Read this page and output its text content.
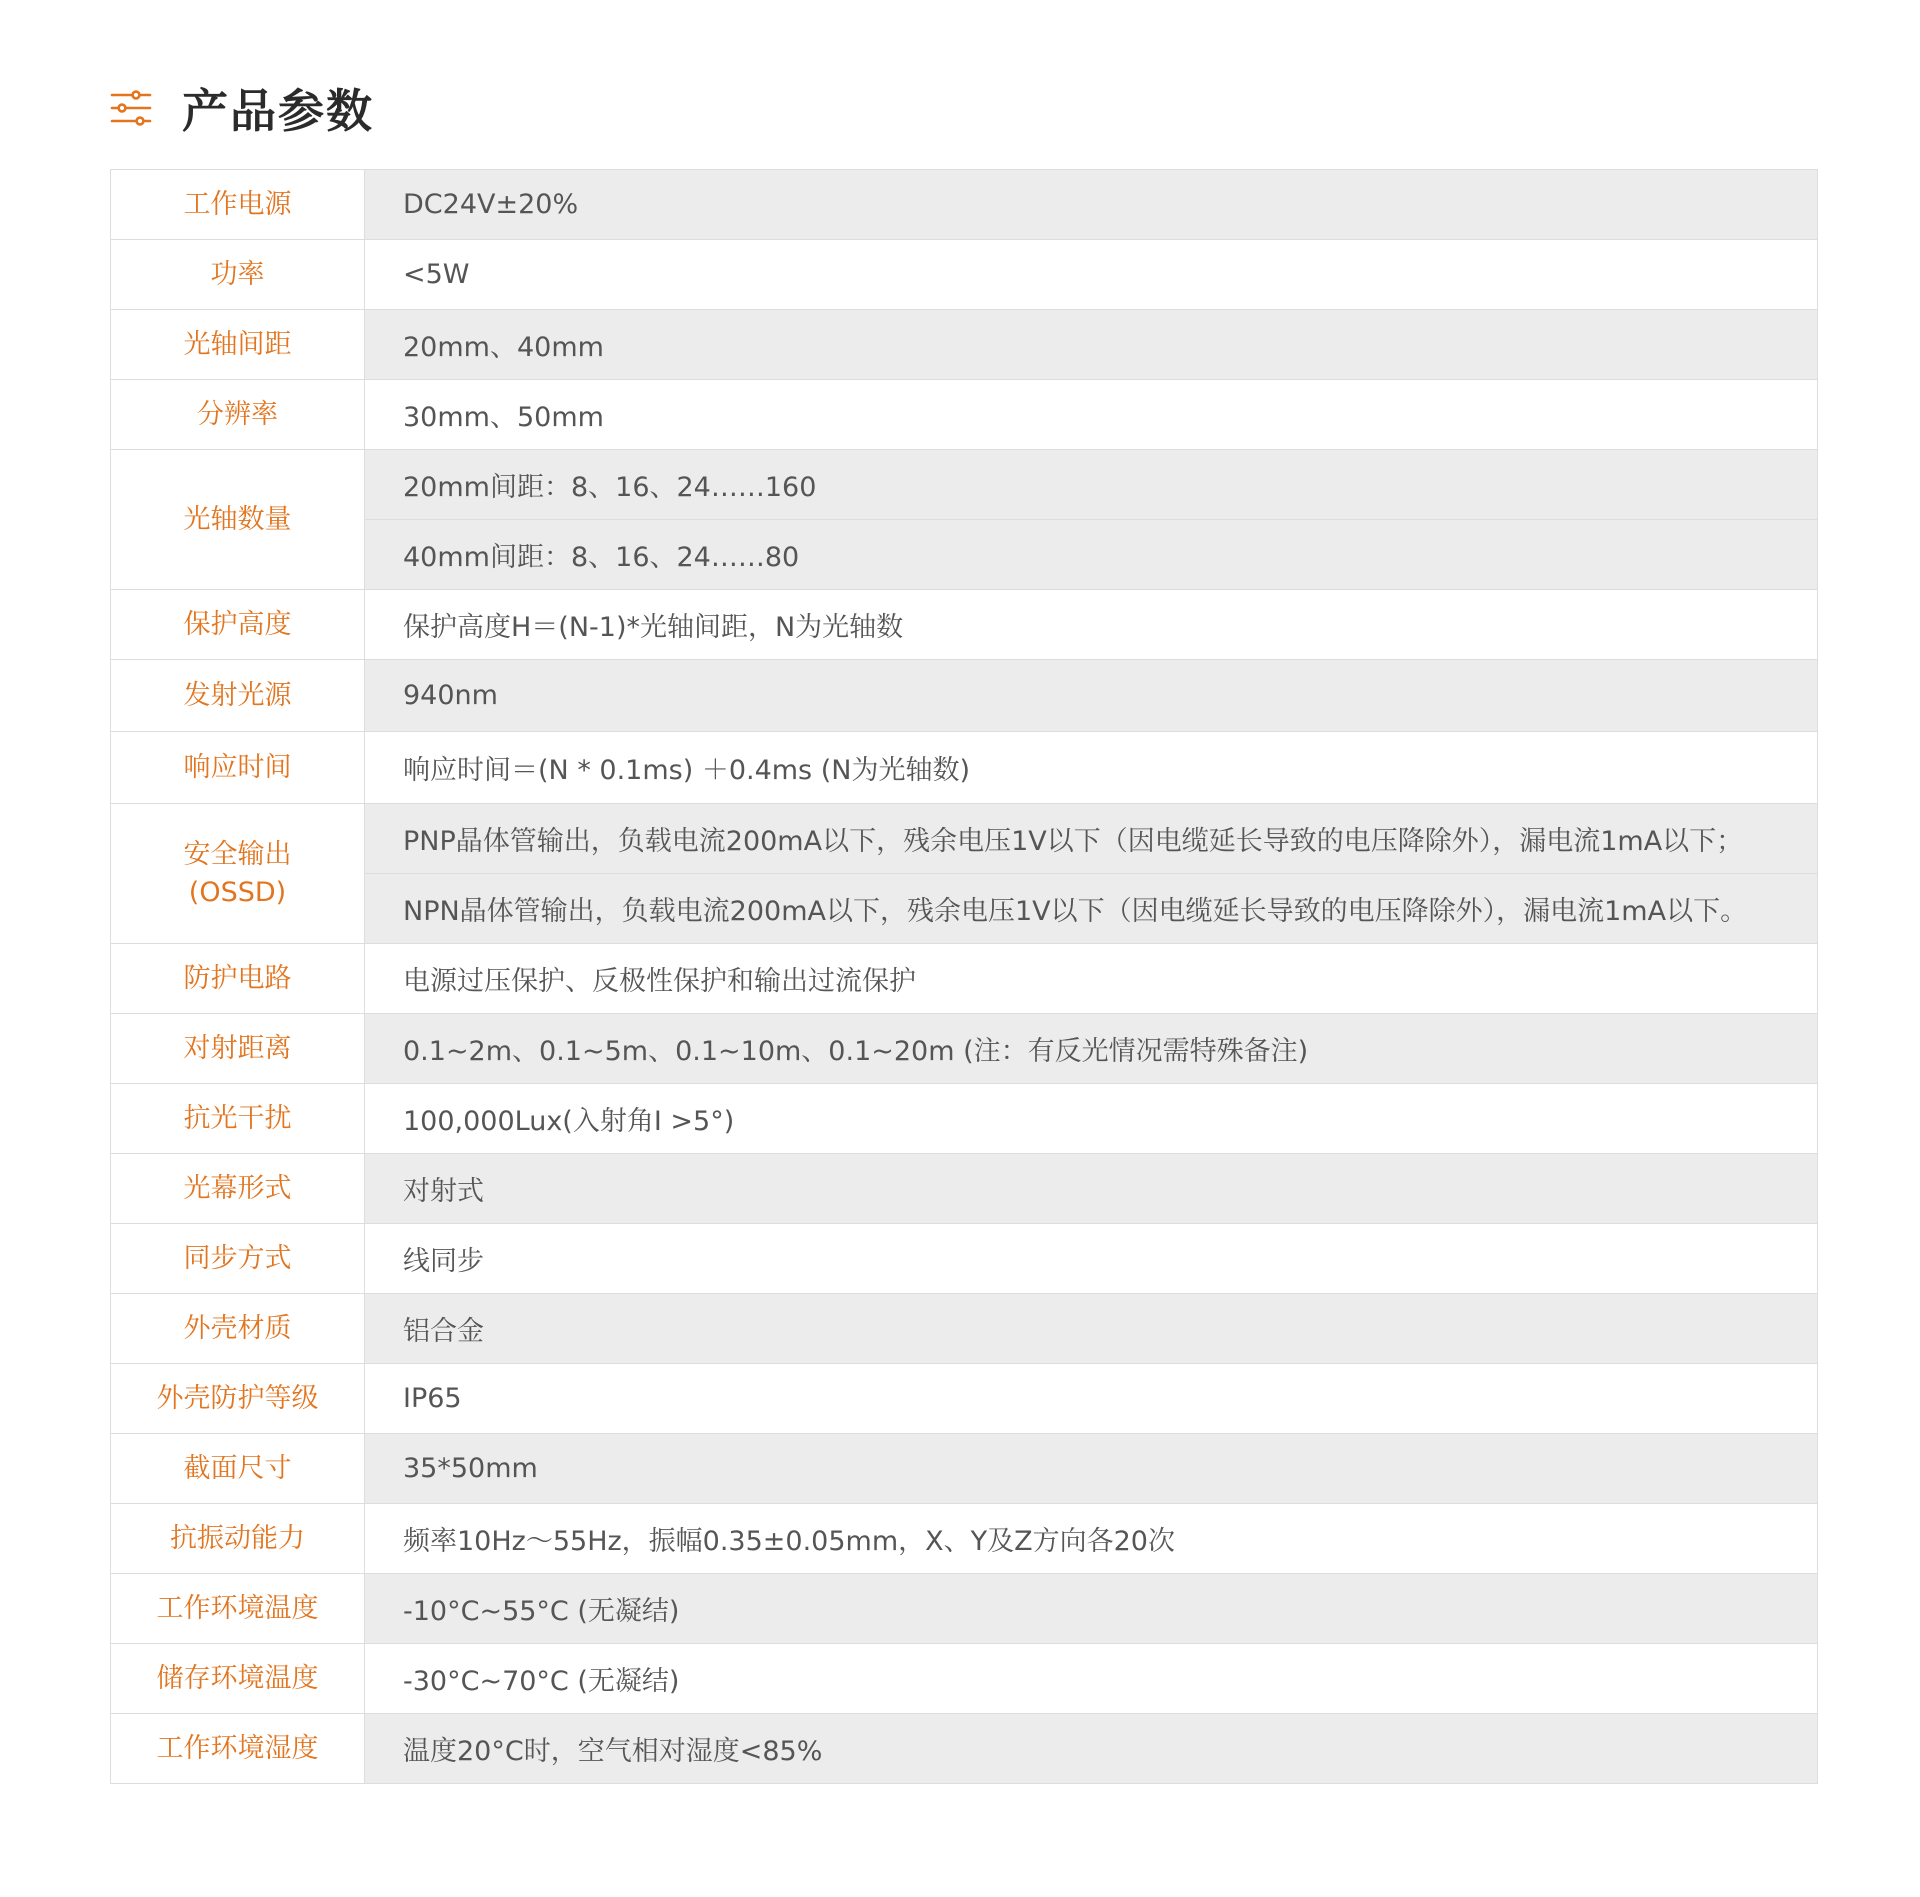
产品参数
工作电源	DC24V±20%
功率	<5W
光轴间距	20mm、40mm
分辨率	30mm、50mm
光轴数量	20mm间距：8、16、24……160
	40mm间距：8、16、24……80
保护高度	保护高度H＝(N-1)*光轴间距，N为光轴数
发射光源	940nm
响应时间	响应时间＝(N * 0.1ms) ＋0.4ms (N为光轴数)

安全输出
(OSSD)	PNP晶体管输出，负载电流200mA以下，残余电压1V以下（因电缆延长导致的电压降除外），漏电流1mA以下；
	NPN晶体管输出，负载电流200mA以下，残余电压1V以下（因电缆延长导致的电压降除外），漏电流1mA以下。
防护电路	电源过压保护、反极性保护和输出过流保护
对射距离	0.1~2m、0.1~5m、0.1~10m、0.1~20m (注：有反光情况需特殊备注)
抗光干扰	100,000Lux(入射角I >5°)
光幕形式	对射式
同步方式	线同步
外壳材质	铝合金
外壳防护等级	IP65
截面尺寸	35*50mm
抗振动能力	频率10Hz～55Hz，振幅0.35±0.05mm，X、Y及Z方向各20次
工作环境温度	-10°C~55°C (无凝结)
储存环境温度	-30°C~70°C (无凝结)
工作环境湿度	温度20°C时，空气相对湿度<85%
